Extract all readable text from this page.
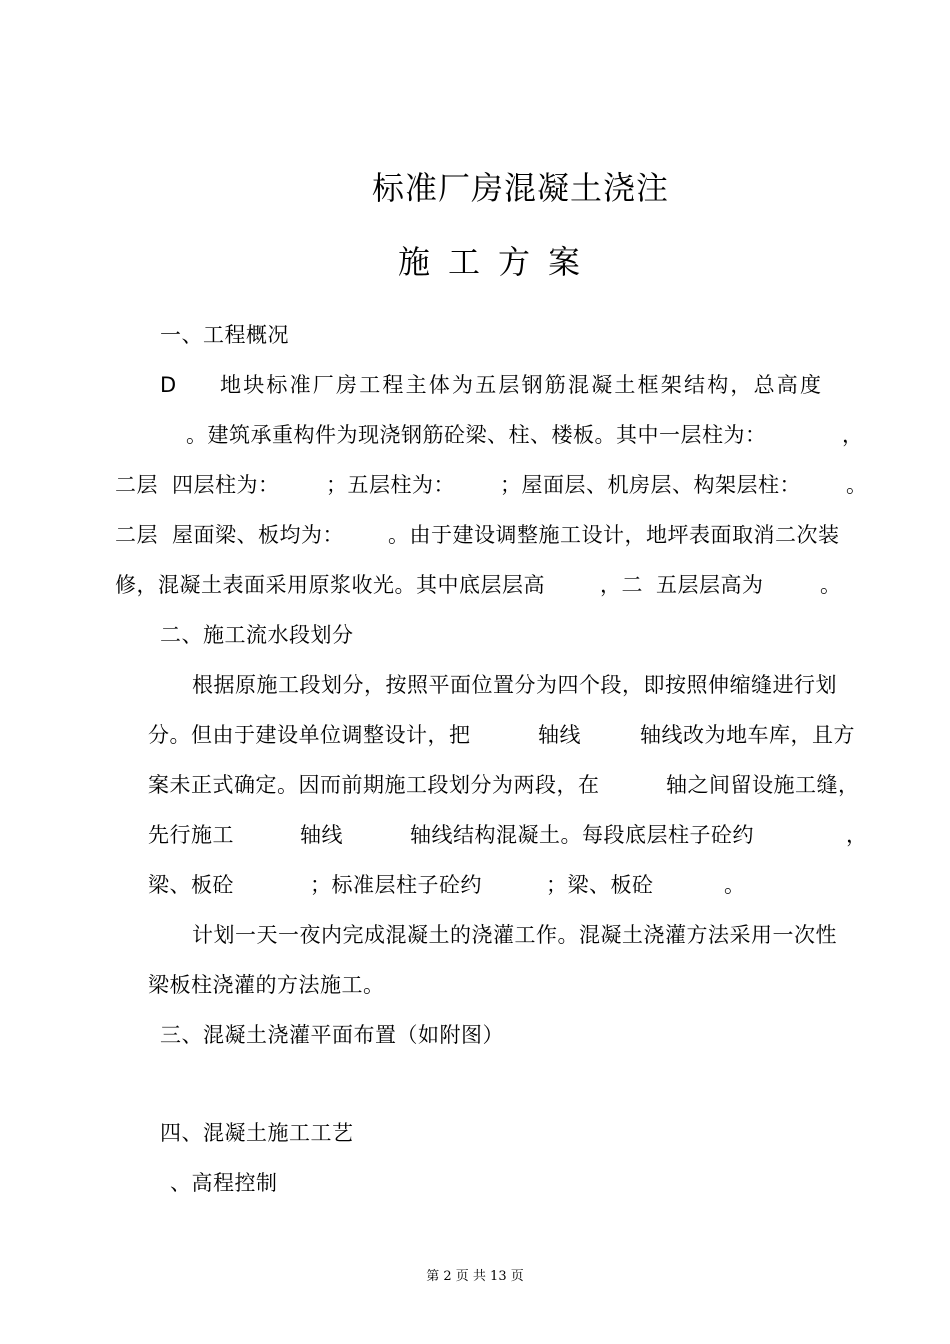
标准厂房混凝土浇注
施工方案
一、工程概况
D 地块标准厂房工程主体为五层钢筋混凝土框架结构，总高度
。建筑承重构件为现浇钢筋砼梁、柱、楼板。其中一层柱为：	，
二层 四层柱为： ；五层柱为： ；屋面层、机房层、构架层柱： 。
二层 屋面梁、板均为： 。由于建设调整施工设计，地坪表面取消二次装
修，混凝土表面采用原浆收光。其中底层层高	，二 五层层高为	。
二、施工流水段划分
根据原施工段划分，按照平面位置分为四个段，即按照伸缩缝进行划
分。但由于建设单位调整设计，把	轴线	轴线改为地车库，且方
案未正式确定。因而前期施工段划分为两段，在	轴之间留设施工缝，
先行施工	轴线	轴线结构混凝土。每段底层柱子砼约	，
梁、板砼	；标准层柱子砼约	；梁、板砼	。
计划一天一夜内完成混凝土的浇灌工作。混凝土浇灌方法采用一次性
梁板柱浇灌的方法施工。
三、混凝土浇灌平面布置（如附图）
四、混凝土施工工艺
、高程控制
第 2 页 共 13 页
